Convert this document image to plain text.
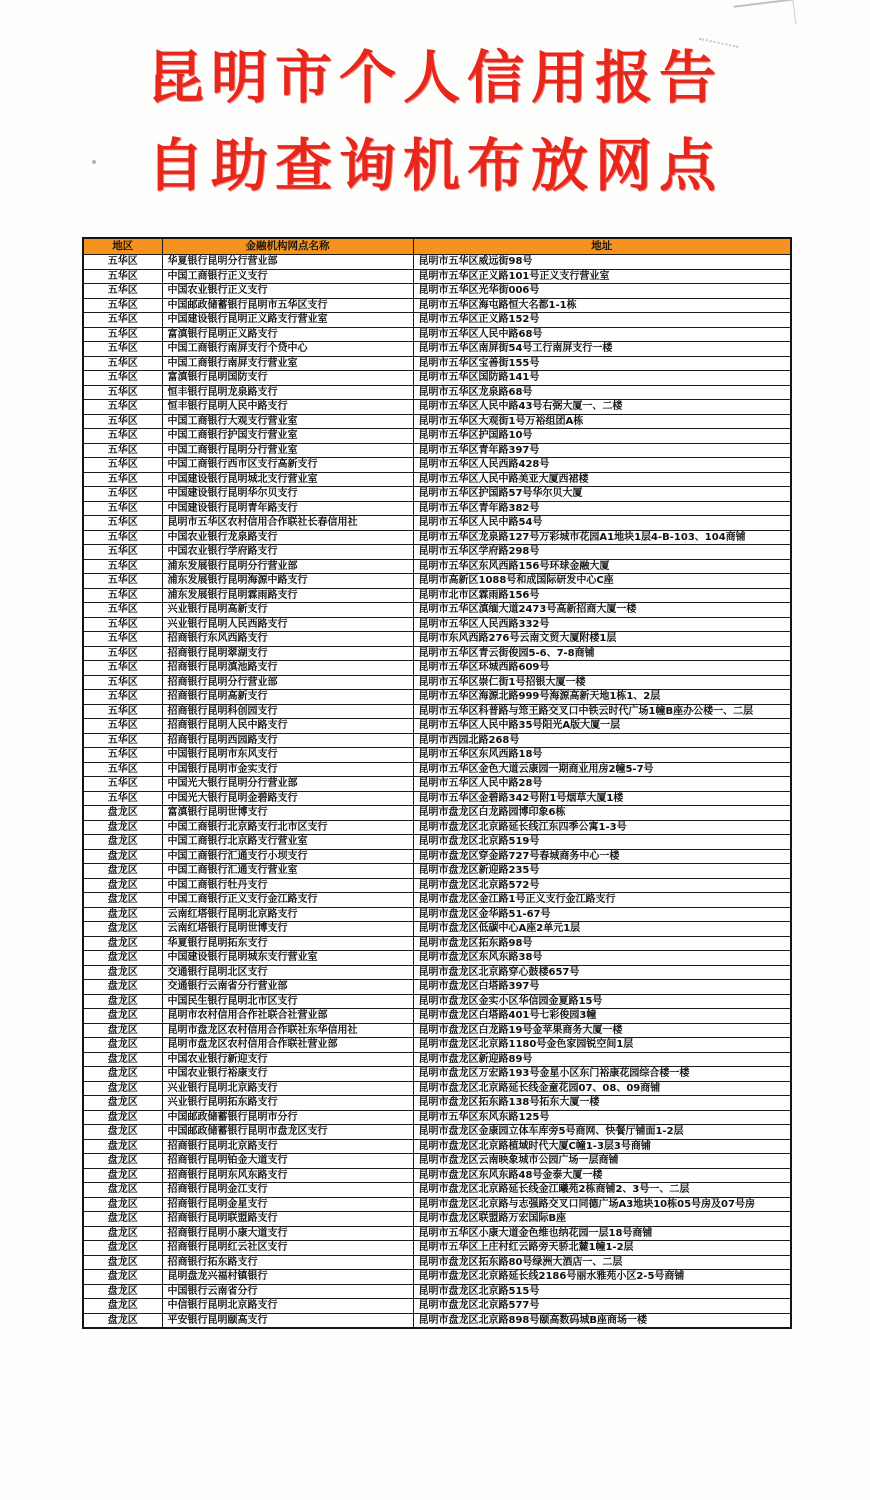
昆明市个人信用报告
自助查询机布放网点
地区	金融机构网点名称	地址
五华区	华夏银行昆明分行营业部	昆明市五华区威远街98号
五华区	中国工商银行正义支行	昆明市五华区正义路101号正义支行营业室
五华区	中国农业银行正义支行	昆明市五华区光华街006号
五华区	中国邮政储蓄银行昆明市五华区支行	昆明市五华区海屯路恒大名都1-1栋
五华区	中国建设银行昆明正义路支行营业室	昆明市五华区正义路152号
五华区	富滇银行昆明正义路支行	昆明市五华区人民中路68号
五华区	中国工商银行南屏支行个贷中心	昆明市五华区南屏街54号工行南屏支行一楼
五华区	中国工商银行南屏支行营业室	昆明市五华区宝善街155号
五华区	富滇银行昆明国防支行	昆明市五华区国防路141号
五华区	恒丰银行昆明龙泉路支行	昆明市五华区龙泉路68号
五华区	恒丰银行昆明人民中路支行	昆明市五华区人民中路43号右弼大厦一、二楼
五华区	中国工商银行大观支行营业室	昆明市五华区大观街1号万裕组团A栋
五华区	中国工商银行护国支行营业室	昆明市五华区护国路10号
五华区	中国工商银行昆明分行营业室	昆明市五华区青年路397号
五华区	中国工商银行西市区支行高新支行	昆明市五华区人民西路428号
五华区	中国建设银行昆明城北支行营业室	昆明市五华区人民中路美亚大厦西裙楼
五华区	中国建设银行昆明华尔贝支行	昆明市五华区护国路57号华尔贝大厦
五华区	中国建设银行昆明青年路支行	昆明市五华区青年路382号
五华区	昆明市五华区农村信用合作联社长春信用社	昆明市五华区人民中路54号
五华区	中国农业银行龙泉路支行	昆明市五华区龙泉路127号万彩城市花园A1地块1层4-B-103、104商铺
五华区	中国农业银行学府路支行	昆明市五华区学府路298号
五华区	浦东发展银行昆明分行营业部	昆明市五华区东风西路156号环球金融大厦
五华区	浦东发展银行昆明海源中路支行	昆明市高新区1088号和成国际研发中心C座
五华区	浦东发展银行昆明霖雨路支行	昆明市北市区霖雨路156号
五华区	兴业银行昆明高新支行	昆明市五华区滇缅大道2473号高新招商大厦一楼
五华区	兴业银行昆明人民西路支行	昆明市五华区人民西路332号
五华区	招商银行东风西路支行	昆明市东风西路276号云南文贸大厦附楼1层
五华区	招商银行昆明翠湖支行	昆明市五华区青云街俊园5-6、7-8商铺
五华区	招商银行昆明滇池路支行	昆明市五华区环城西路609号
五华区	招商银行昆明分行营业部	昆明市五华区崇仁街1号招银大厦一楼
五华区	招商银行昆明高新支行	昆明市五华区海源北路999号海源高新天地1栋1、2层
五华区	招商银行昆明科创园支行	昆明市五华区科普路与筇王路交叉口中铁云时代广场1幢B座办公楼一、二层
五华区	招商银行昆明人民中路支行	昆明市五华区人民中路35号阳光A版大厦一层
五华区	招商银行昆明西园路支行	昆明市西园北路268号
五华区	中国银行昆明市东风支行	昆明市五华区东风西路18号
五华区	中国银行昆明市金实支行	昆明市五华区金色大道云康园一期商业用房2幢5-7号
五华区	中国光大银行昆明分行营业部	昆明市五华区人民中路28号
五华区	中国光大银行昆明金碧路支行	昆明市五华区金碧路342号附1号烟草大厦1楼
盘龙区	富滇银行昆明世博支行	昆明市盘龙区白龙路园博印象6栋
盘龙区	中国工商银行北京路支行北市区支行	昆明市盘龙区北京路延长线江东四季公寓1-3号
盘龙区	中国工商银行北京路支行营业室	昆明市盘龙区北京路519号
盘龙区	中国工商银行汇通支行小坝支行	昆明市盘龙区穿金路727号春城商务中心一楼
盘龙区	中国工商银行汇通支行营业室	昆明市盘龙区新迎路235号
盘龙区	中国工商银行牡丹支行	昆明市盘龙区北京路572号
盘龙区	中国工商银行正义支行金江路支行	昆明市盘龙区金江路1号正义支行金江路支行
盘龙区	云南红塔银行昆明北京路支行	昆明市盘龙区金华路51-67号
盘龙区	云南红塔银行昆明世博支行	昆明市盘龙区低碳中心A座2单元1层
盘龙区	华夏银行昆明拓东支行	昆明市盘龙区拓东路98号
盘龙区	中国建设银行昆明城东支行营业室	昆明市盘龙区东风东路38号
盘龙区	交通银行昆明北区支行	昆明市盘龙区北京路穿心鼓楼657号
盘龙区	交通银行云南省分行营业部	昆明市盘龙区白塔路397号
盘龙区	中国民生银行昆明北市区支行	昆明市盘龙区金实小区华信园金夏路15号
盘龙区	昆明市农村信用合作社联合社营业部	昆明市盘龙区白塔路401号七彩俊园3幢
盘龙区	昆明市盘龙区农村信用合作联社东华信用社	昆明市盘龙区白龙路19号金苹果商务大厦一楼
盘龙区	昆明市盘龙区农村信用合作联社营业部	昆明市盘龙区北京路1180号金色家园锐空间1层
盘龙区	中国农业银行新迎支行	昆明市盘龙区新迎路89号
盘龙区	中国农业银行裕康支行	昆明市盘龙区万宏路193号金星小区东门裕康花园综合楼一楼
盘龙区	兴业银行昆明北京路支行	昆明市盘龙区北京路延长线金童花园07、08、09商铺
盘龙区	兴业银行昆明拓东路支行	昆明市盘龙区拓东路138号拓东大厦一楼
盘龙区	中国邮政储蓄银行昆明市分行	昆明市五华区东风东路125号
盘龙区	中国邮政储蓄银行昆明市盘龙区支行	昆明市盘龙区金康园立体车库旁5号商网、快餐厅铺面1-2层
盘龙区	招商银行昆明北京路支行	昆明市盘龙区北京路植域时代大厦C幢1-3层3号商铺
盘龙区	招商银行昆明铂金大道支行	昆明市盘龙区云南映象城市公园广场一层商铺
盘龙区	招商银行昆明东风东路支行	昆明市盘龙区东风东路48号金泰大厦一楼
盘龙区	招商银行昆明金江支行	昆明市盘龙区北京路延长线金江曦苑2栋商铺2、3号一、二层
盘龙区	招商银行昆明金星支行	昆明市盘龙区北京路与志强路交叉口同德广场A3地块10栋05号房及07号房
盘龙区	招商银行昆明联盟路支行	昆明市盘龙区联盟路万宏国际B座
盘龙区	招商银行昆明小康大道支行	昆明市五华区小康大道金色维也纳花园一层18号商铺
盘龙区	招商银行昆明红云社区支行	昆明市五华区上庄村红云路旁天骄北麓1幢1-2层
盘龙区	招商银行拓东路支行	昆明市盘龙区拓东路80号绿洲大酒店一、二层
盘龙区	昆明盘龙兴福村镇银行	昆明市盘龙区北京路延长线2186号丽水雅苑小区2-5号商铺
盘龙区	中国银行云南省分行	昆明市盘龙区北京路515号
盘龙区	中信银行昆明北京路支行	昆明市盘龙区北京路577号
盘龙区	平安银行昆明颐高支行	昆明市盘龙区北京路898号颐高数码城B座商场一楼
